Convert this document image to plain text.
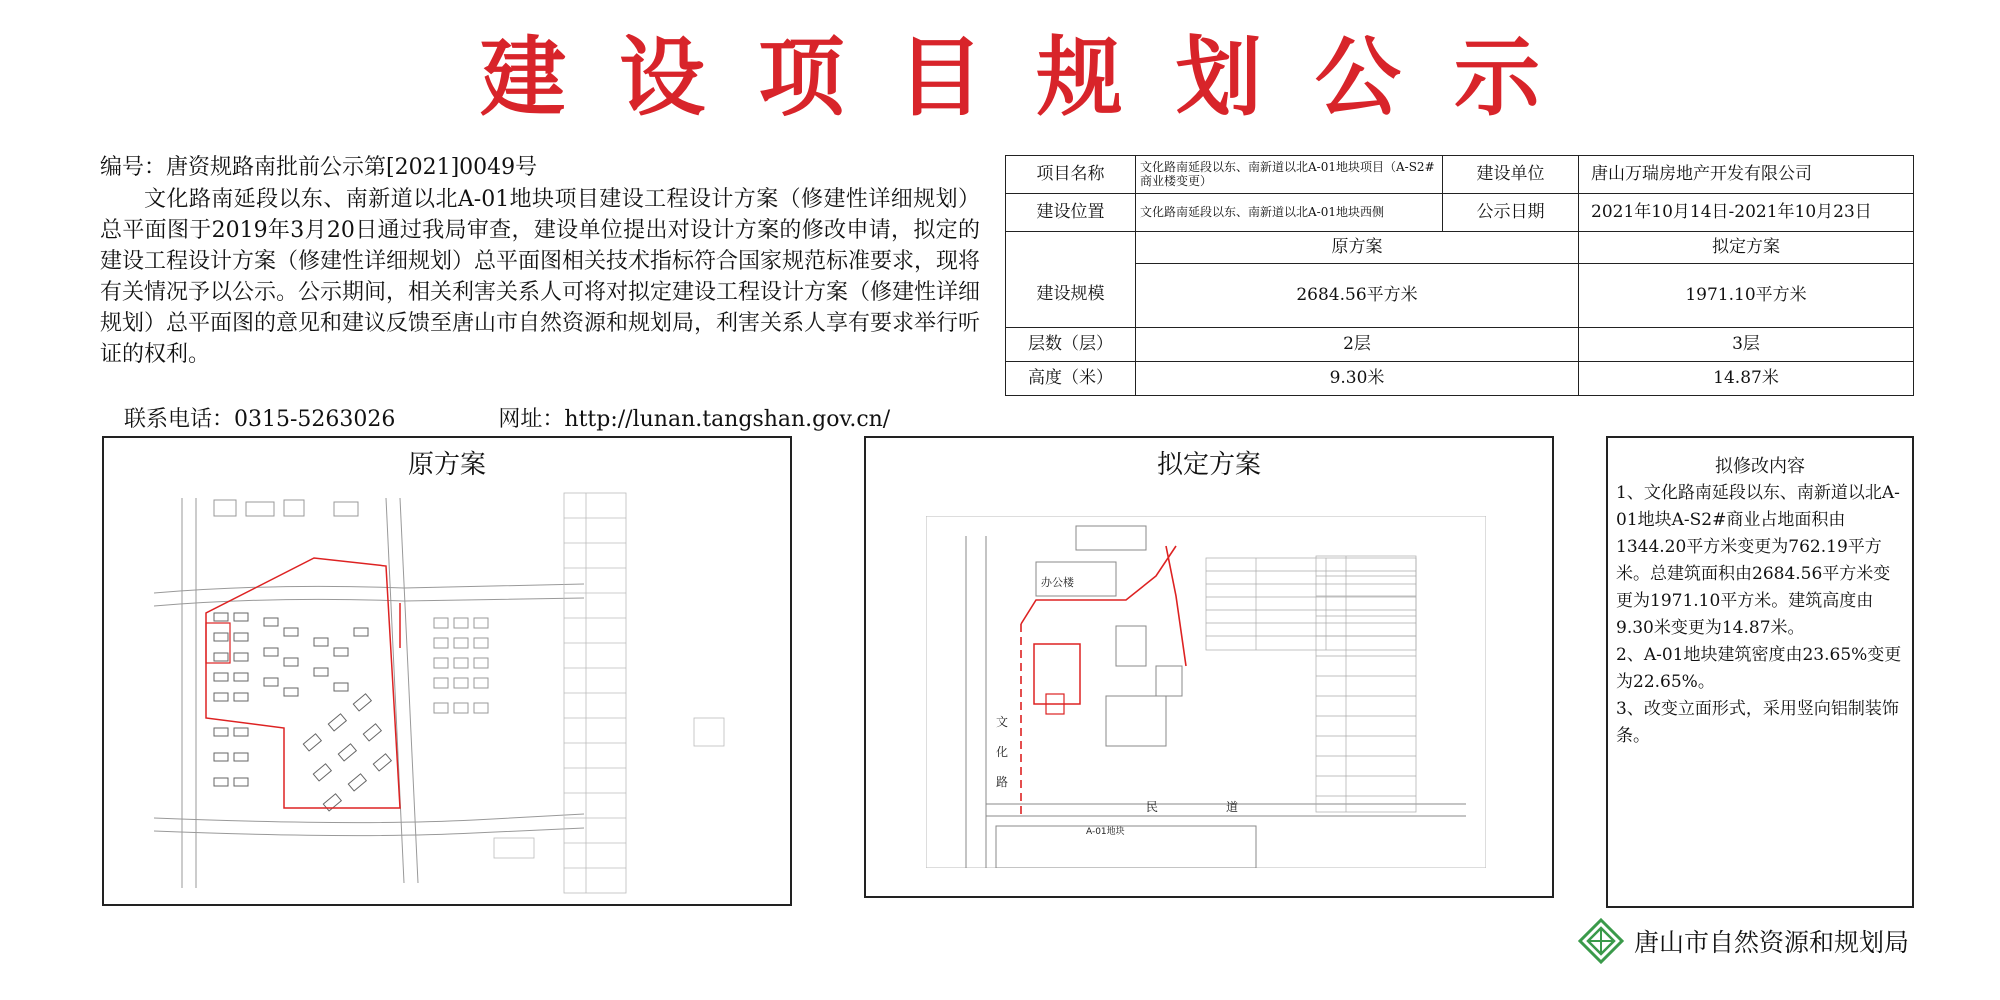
建 设 项 目 规 划 公 示
编号：唐资规路南批前公示第[2021]0049号
文化路南延段以东、南新道以北A-01地块项目建设工程设计方案（修建性详细规划）总平面图于2019年3月20日通过我局审查，建设单位提出对设计方案的修改申请，拟定的建设工程设计方案（修建性详细规划）总平面图相关技术指标符合国家规范标准要求，现将有关情况予以公示。公示期间，相关利害关系人可将对拟定建设工程设计方案（修建性详细规划）总平面图的意见和建议反馈至唐山市自然资源和规划局，利害关系人享有要求举行听证的权利。
联系电话：0315-5263026	网址：http://lunan.tangshan.gov.cn/
项目名称	文化路南延段以东、南新道以北A-01地块项目（A-S2#商业楼变更）	建设单位	唐山万瑞房地产开发有限公司
建设位置	文化路南延段以东、南新道以北A-01地块西侧	公示日期	2021年10月14日-2021年10月23日
	原方案		拟定方案
建设规模	2684.56平方米		1971.10平方米
层数（层）	2层		3层
高度（米）	9.30米		14.87米
原方案	拟定方案
办公楼
文
化
路
民	道
A-01地块
拟修改内容
1、文化路南延段以东、南新道以北A-01地块A-S2#商业占地面积由1344.20平方米变更为762.19平方米。总建筑面积由2684.56平方米变更为1971.10平方米。建筑高度由9.30米变更为14.87米。
2、A-01地块建筑密度由23.65%变更为22.65%。
3、改变立面形式，采用竖向铝制装饰条。
唐山市自然资源和规划局
